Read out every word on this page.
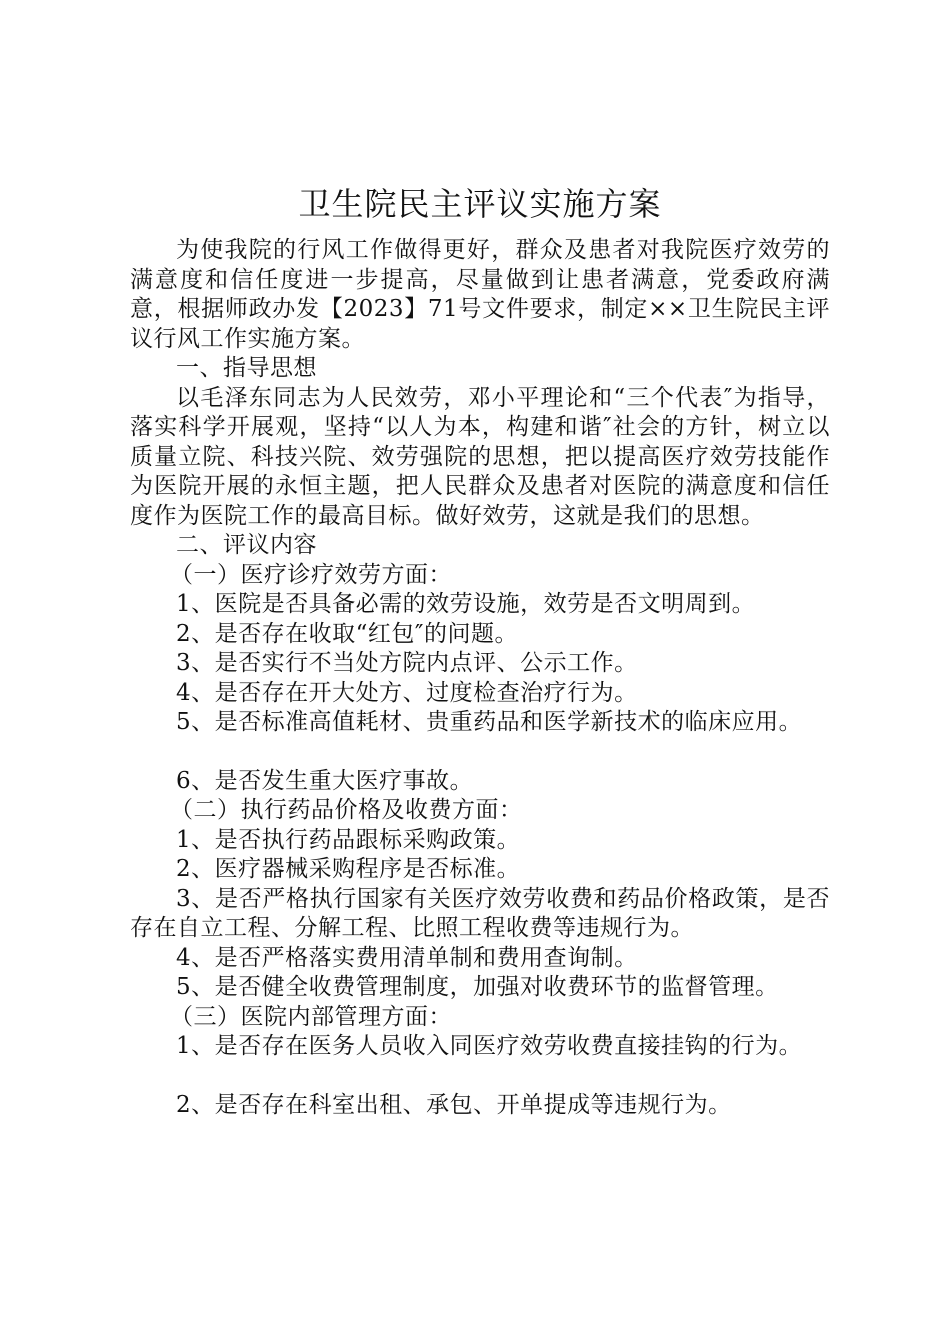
卫生院民主评议实施方案

为使我院的行风工作做得更好，群众及患者对我院医疗效劳的满意度和信任度进一步提高，尽量做到让患者满意，党委政府满意，根据师政办发【2023】71号文件要求，制定××卫生院民主评议行风工作实施方案。

一、指导思想

以毛泽东同志为人民效劳，邓小平理论和“三个代表″为指导，落实科学开展观，坚持“以人为本，构建和谐″社会的方针，树立以质量立院、科技兴院、效劳强院的思想，把以提高医疗效劳技能作为医院开展的永恒主题，把人民群众及患者对医院的满意度和信任度作为医院工作的最高目标。做好效劳，这就是我们的思想。

二、评议内容

（一）医疗诊疗效劳方面：

1、医院是否具备必需的效劳设施，效劳是否文明周到。

2、是否存在收取“红包″的问题。

3、是否实行不当处方院内点评、公示工作。

4、是否存在开大处方、过度检查治疗行为。

5、是否标准高值耗材、贵重药品和医学新技术的临床应用。

6、是否发生重大医疗事故。

（二）执行药品价格及收费方面：

1、是否执行药品跟标采购政策。

2、医疗器械采购程序是否标准。

3、是否严格执行国家有关医疗效劳收费和药品价格政策，是否存在自立工程、分解工程、比照工程收费等违规行为。

4、是否严格落实费用清单制和费用查询制。

5、是否健全收费管理制度，加强对收费环节的监督管理。

（三）医院内部管理方面：

1、是否存在医务人员收入同医疗效劳收费直接挂钩的行为。

2、是否存在科室出租、承包、开单提成等违规行为。
